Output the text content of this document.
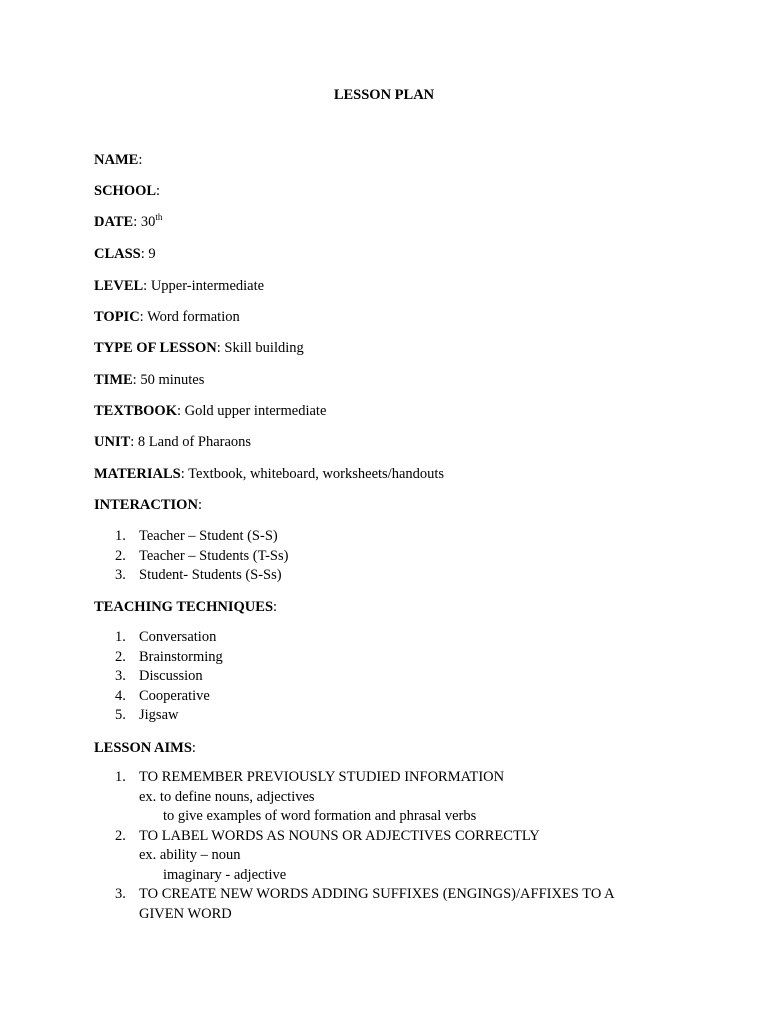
LESSON PLAN
NAME:
SCHOOL:
DATE: 30th
CLASS: 9
LEVEL: Upper-intermediate
TOPIC: Word formation
TYPE OF LESSON: Skill building
TIME: 50 minutes
TEXTBOOK: Gold upper intermediate
UNIT: 8 Land of Pharaons
MATERIALS: Textbook, whiteboard, worksheets/handouts
INTERACTION:
1. Teacher – Student (S-S)
2. Teacher – Students (T-Ss)
3. Student- Students (S-Ss)
TEACHING TECHNIQUES:
1. Conversation
2. Brainstorming
3. Discussion
4. Cooperative
5. Jigsaw
LESSON AIMS:
1. TO REMEMBER PREVIOUSLY STUDIED INFORMATION
ex. to define nouns, adjectives
to give examples of word formation and phrasal verbs
2. TO LABEL WORDS AS NOUNS OR ADJECTIVES CORRECTLY
ex. ability – noun
imaginary - adjective
3. TO CREATE NEW WORDS ADDING SUFFIXES (ENGINGS)/AFFIXES TO A
GIVEN WORD
